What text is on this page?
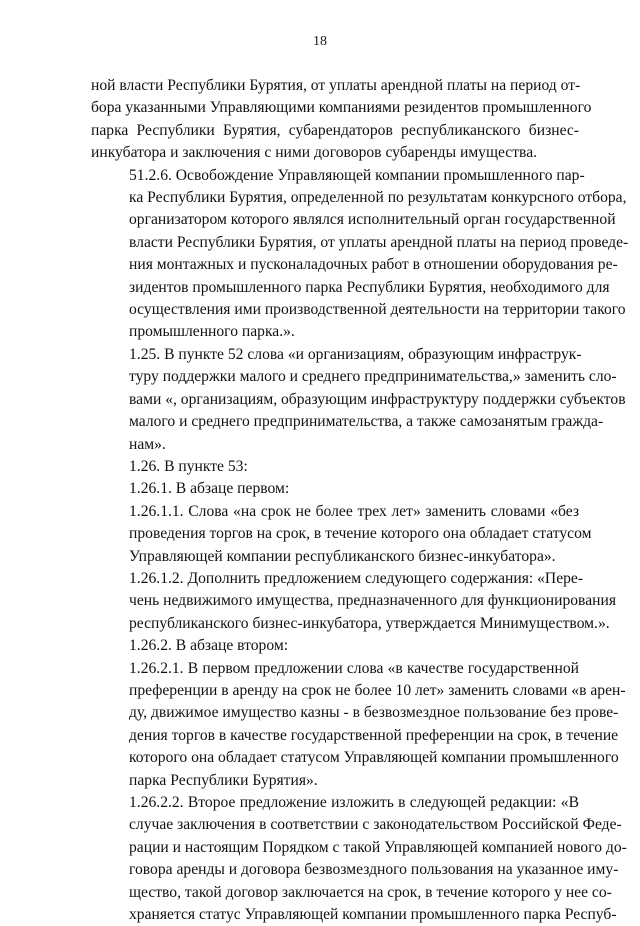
18

ной власти Республики Бурятия, от уплаты арендной платы на период от-
бора указанными Управляющими компаниями резидентов промышленного
парка Республики Бурятия, субарендаторов республиканского бизнес-
инкубатора и заключения с ними договоров субаренды имущества.

51.2.6. Освобождение Управляющей компании промышленного пар-
ка Республики Бурятия, определенной по результатам конкурсного отбора,
организатором которого являлся исполнительный орган государственной
власти Республики Бурятия, от уплаты арендной платы на период проведе-
ния монтажных и пусконаладочных работ в отношении оборудования ре-
зидентов промышленного парка Республики Бурятия, необходимого для
осуществления ими производственной деятельности на территории такого
промышленного парка.».

1.25. В пункте 52 слова «и организациям, образующим инфраструк-
туру поддержки малого и среднего предпринимательства,» заменить сло-
вами «, организациям, образующим инфраструктуру поддержки субъектов
малого и среднего предпринимательства, а также самозанятым гражда-
нам».

1.26. В пункте 53:

1.26.1. В абзаце первом:

1.26.1.1. Слова «на срок не более трех лет» заменить словами «без
проведения торгов на срок, в течение которого она обладает статусом
Управляющей компании республиканского бизнес-инкубатора».

1.26.1.2. Дополнить предложением следующего содержания: «Пере-
чень недвижимого имущества, предназначенного для функционирования
республиканского бизнес-инкубатора, утверждается Минимуществом.».

1.26.2. В абзаце втором:

1.26.2.1. В первом предложении слова «в качестве государственной
преференции в аренду на срок не более 10 лет» заменить словами «в арен-
ду, движимое имущество казны - в безвозмездное пользование без прове-
дения торгов в качестве государственной преференции на срок, в течение
которого она обладает статусом Управляющей компании промышленного
парка Республики Бурятия».

1.26.2.2. Второе предложение изложить в следующей редакции: «В
случае заключения в соответствии с законодательством Российской Феде-
рации и настоящим Порядком с такой Управляющей компанией нового до-
говора аренды и договора безвозмездного пользования на указанное иму-
щество, такой договор заключается на срок, в течение которого у нее со-
храняется статус Управляющей компании промышленного парка Респуб-
